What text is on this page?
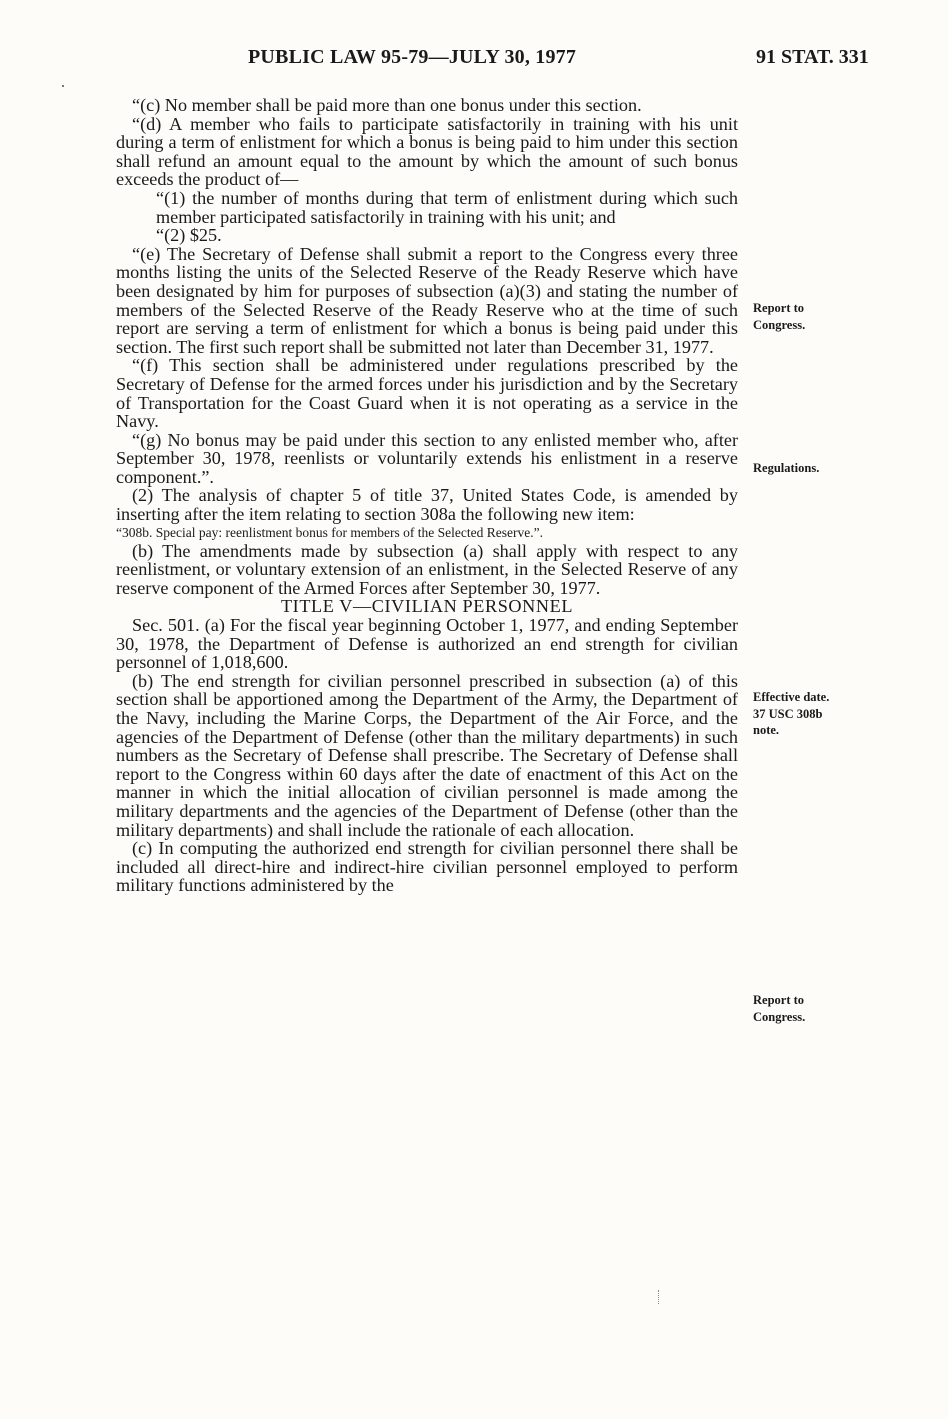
PUBLIC LAW 95-79—JULY 30, 1977	91 STAT. 331

“(c) No member shall be paid more than one bonus under this section.

“(d) A member who fails to participate satisfactorily in training with his unit during a term of enlistment for which a bonus is being paid to him under this section shall refund an amount equal to the amount by which the amount of such bonus exceeds the product of—

“(1) the number of months during that term of enlistment during which such member participated satisfactorily in training with his unit; and

“(2) $25.

“(e) The Secretary of Defense shall submit a report to the Congress every three months listing the units of the Selected Reserve of the Ready Reserve which have been designated by him for purposes of subsection (a)(3) and stating the number of members of the Selected Reserve of the Ready Reserve who at the time of such report are serving a term of enlistment for which a bonus is being paid under this section. The first such report shall be submitted not later than December 31, 1977.

“(f) This section shall be administered under regulations prescribed by the Secretary of Defense for the armed forces under his jurisdiction and by the Secretary of Transportation for the Coast Guard when it is not operating as a service in the Navy.

“(g) No bonus may be paid under this section to any enlisted member who, after September 30, 1978, reenlists or voluntarily extends his enlistment in a reserve component.”.

(2) The analysis of chapter 5 of title 37, United States Code, is amended by inserting after the item relating to section 308a the following new item:

“308b. Special pay: reenlistment bonus for members of the Selected Reserve.”.

(b) The amendments made by subsection (a) shall apply with respect to any reenlistment, or voluntary extension of an enlistment, in the Selected Reserve of any reserve component of the Armed Forces after September 30, 1977.

TITLE V—CIVILIAN PERSONNEL

Sec. 501. (a) For the fiscal year beginning October 1, 1977, and ending September 30, 1978, the Department of Defense is authorized an end strength for civilian personnel of 1,018,600.

(b) The end strength for civilian personnel prescribed in subsection (a) of this section shall be apportioned among the Department of the Army, the Department of the Navy, including the Marine Corps, the Department of the Air Force, and the agencies of the Department of Defense (other than the military departments) in such numbers as the Secretary of Defense shall prescribe. The Secretary of Defense shall report to the Congress within 60 days after the date of enactment of this Act on the manner in which the initial allocation of civilian personnel is made among the military departments and the agencies of the Department of Defense (other than the military departments) and shall include the rationale of each allocation.

(c) In computing the authorized end strength for civilian personnel there shall be included all direct-hire and indirect-hire civilian personnel employed to perform military functions administered by the

Report to
Congress.
Regulations.
Effective date.
37 USC 308b
note.
Report to
Congress.
